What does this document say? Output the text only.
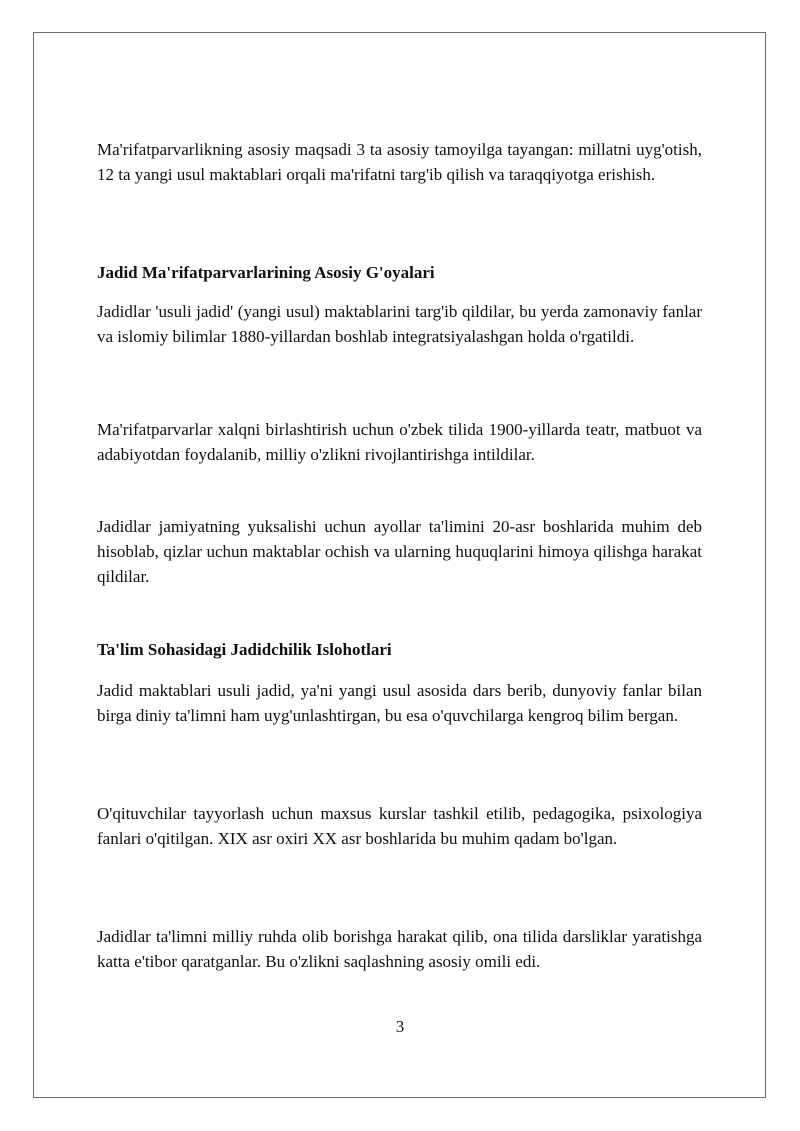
Ma'rifatparvarlikning asosiy maqsadi 3 ta asosiy tamoyilga tayangan: millatni uyg'otish, 12 ta yangi usul maktablari orqali ma'rifatni targ'ib qilish va taraqqiyotga erishish.

Jadid Ma'rifatparvarlarining Asosiy G'oyalari

Jadidlar 'usuli jadid' (yangi usul) maktablarini targ'ib qildilar, bu yerda zamonaviy fanlar va islomiy bilimlar 1880-yillardan boshlab integratsiyalashgan holda o'rgatildi.

Ma'rifatparvarlar xalqni birlashtirish uchun o'zbek tilida 1900-yillarda teatr, matbuot va adabiyotdan foydalanib, milliy o'zlikni rivojlantirishga intildilar.

Jadidlar jamiyatning yuksalishi uchun ayollar ta'limini 20-asr boshlarida muhim deb hisoblab, qizlar uchun maktablar ochish va ularning huquqlarini himoya qilishga harakat qildilar.

Ta'lim Sohasidagi Jadidchilik Islohotlari

Jadid maktablari usuli jadid, ya'ni yangi usul asosida dars berib, dunyoviy fanlar bilan birga diniy ta'limni ham uyg'unlashtirgan, bu esa o'quvchilarga kengroq bilim bergan.

O'qituvchilar tayyorlash uchun maxsus kurslar tashkil etilib, pedagogika, psixologiya fanlari o'qitilgan. XIX asr oxiri XX asr boshlarida bu muhim qadam bo'lgan.

Jadidlar ta'limni milliy ruhda olib borishga harakat qilib, ona tilida darsliklar yaratishga katta e'tibor qaratganlar. Bu o'zlikni saqlashning asosiy omili edi.

3
